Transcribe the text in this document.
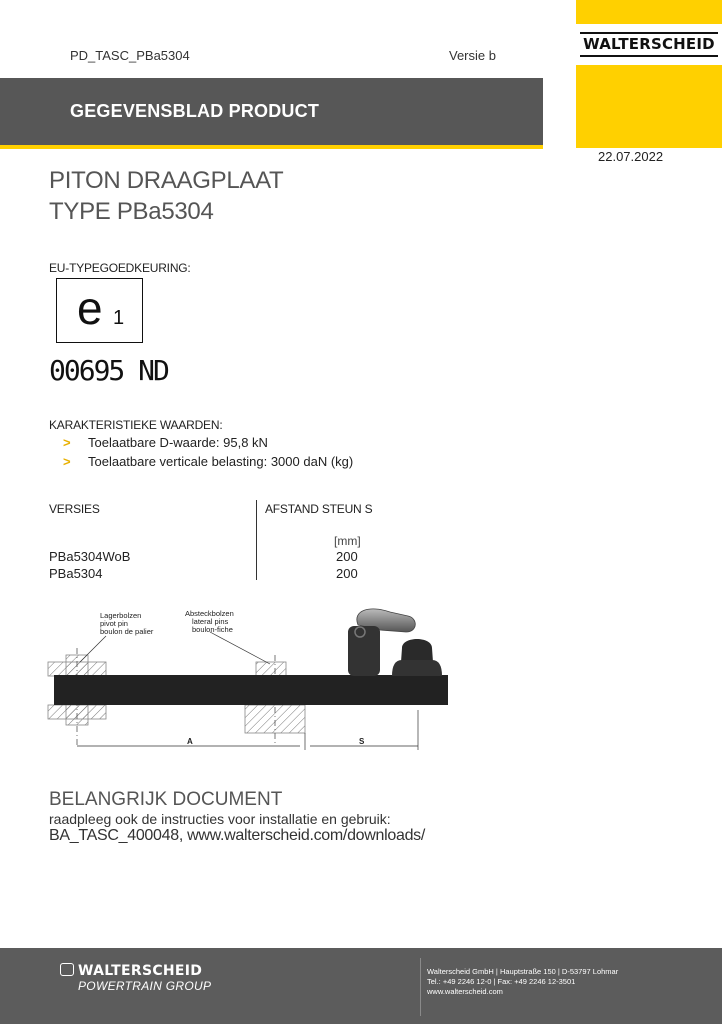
PD_TASC_PBa5304	Versie b
WALTERSCHEID
GEGEVENSBLAD PRODUCT
22.07.2022
PITON DRAAGPLAAT
TYPE PBa5304
EU-TYPEGOEDKEURING:
e 1
00695 ND
KARAKTERISTIEKE WAARDEN:
>	Toelaatbare D-waarde: 95,8 kN
>	Toelaatbare verticale belasting: 3000 daN (kg)
VERSIES	AFSTAND STEUN S
[mm]
PBa5304WoB	200
PBa5304	200
Lagerbolzen
pivot pin
boulon de palier
Absteckbolzen
lateral pins
boulon-fiche
A	S
BELANGRIJK DOCUMENT
raadpleeg ook de instructies voor installatie en gebruik:
BA_TASC_400048, www.walterscheid.com/downloads/
WALTERSCHEID
POWERTRAIN GROUP
Walterscheid GmbH | Hauptstraße 150 | D-53797 Lohmar
Tel.: +49 2246 12-0 | Fax: +49 2246 12-3501
www.walterscheid.com
